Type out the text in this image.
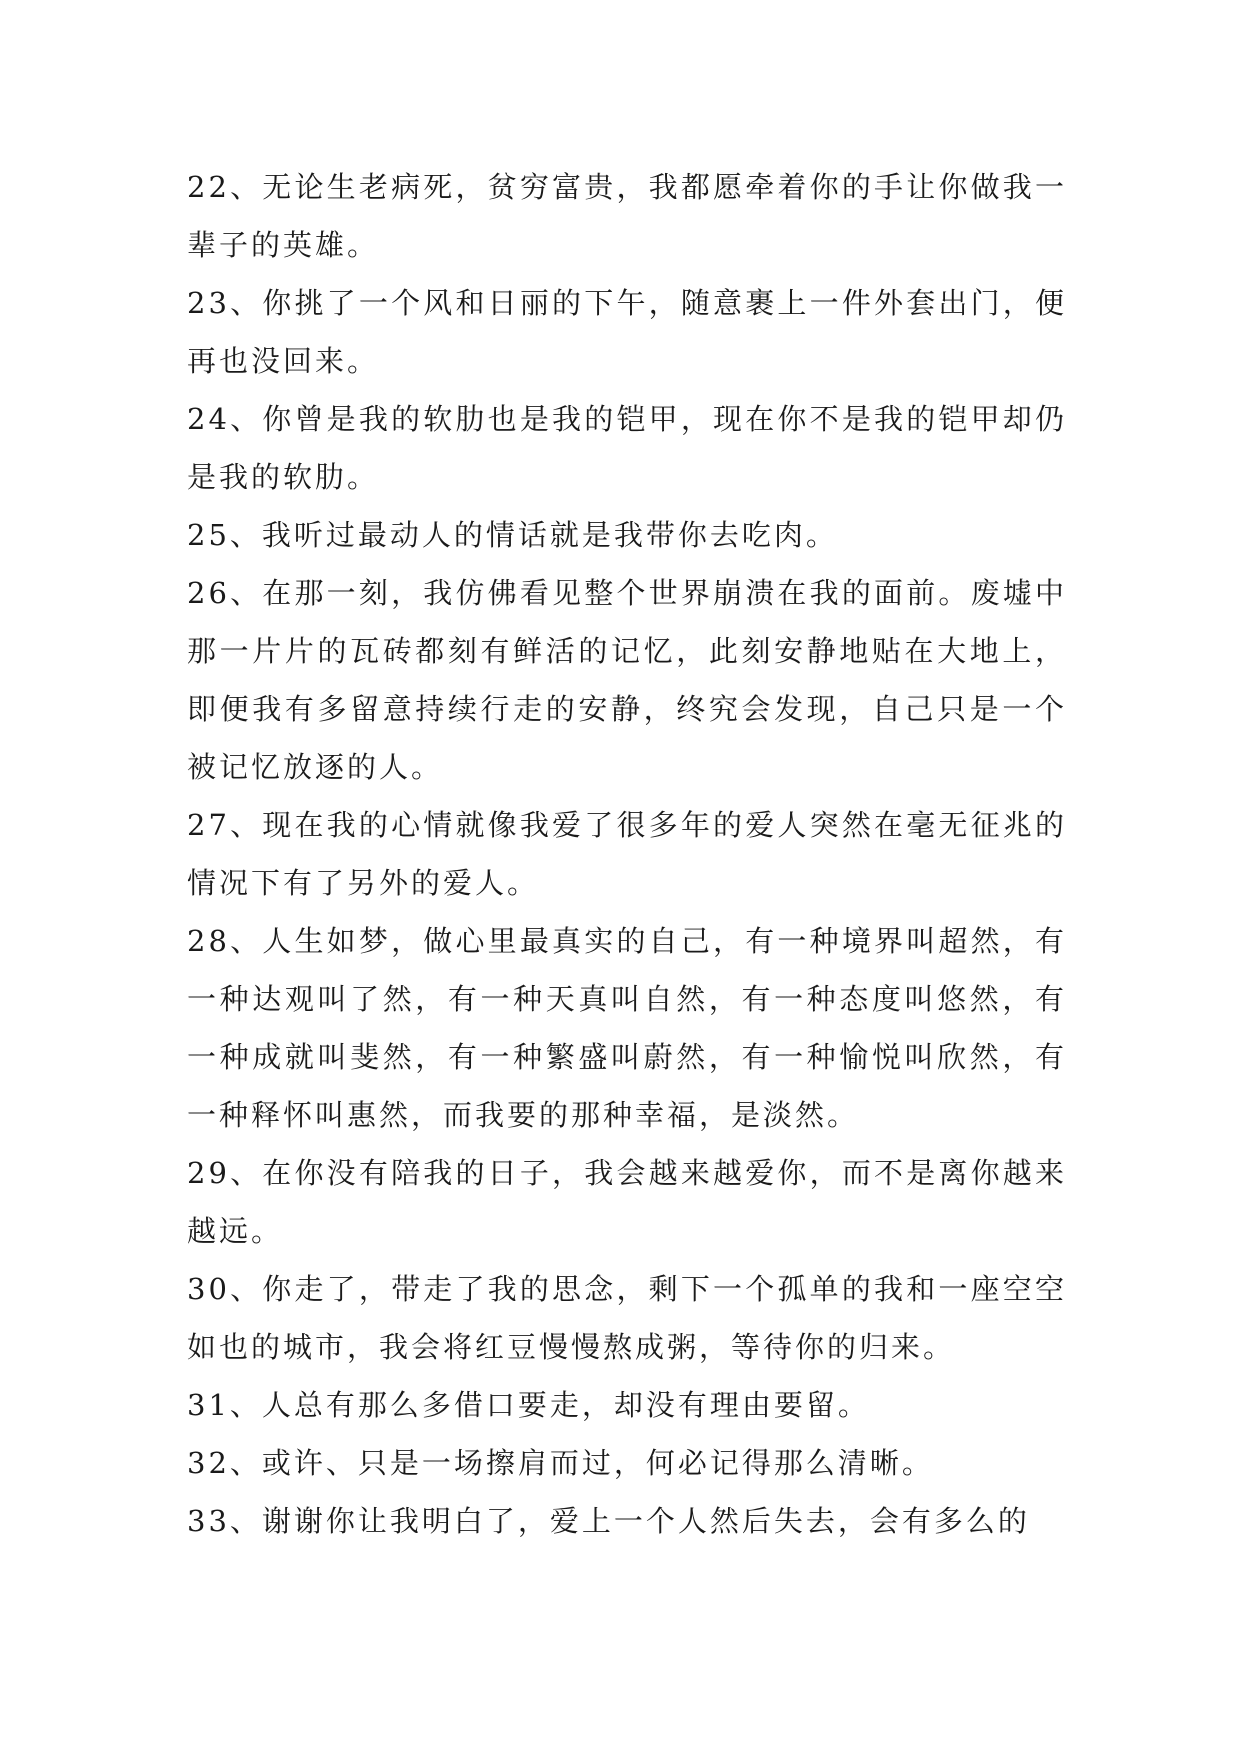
22、无论生老病死，贫穷富贵，我都愿牵着你的手让你做我一辈子的英雄。

23、你挑了一个风和日丽的下午，随意裹上一件外套出门，便再也没回来。

24、你曾是我的软肋也是我的铠甲，现在你不是我的铠甲却仍是我的软肋。

25、我听过最动人的情话就是我带你去吃肉。

26、在那一刻，我仿佛看见整个世界崩溃在我的面前。废墟中那一片片的瓦砖都刻有鲜活的记忆，此刻安静地贴在大地上，即便我有多留意持续行走的安静，终究会发现，自己只是一个被记忆放逐的人。

27、现在我的心情就像我爱了很多年的爱人突然在毫无征兆的情况下有了另外的爱人。

28、人生如梦，做心里最真实的自己，有一种境界叫超然，有一种达观叫了然，有一种天真叫自然，有一种态度叫悠然，有一种成就叫斐然，有一种繁盛叫蔚然，有一种愉悦叫欣然，有一种释怀叫惠然，而我要的那种幸福，是淡然。

29、在你没有陪我的日子，我会越来越爱你，而不是离你越来越远。

30、你走了，带走了我的思念，剩下一个孤单的我和一座空空如也的城市，我会将红豆慢慢熬成粥，等待你的归来。

31、人总有那么多借口要走，却没有理由要留。

32、或许、只是一场擦肩而过，何必记得那么清晰。

33、谢谢你让我明白了，爱上一个人然后失去，会有多么的
